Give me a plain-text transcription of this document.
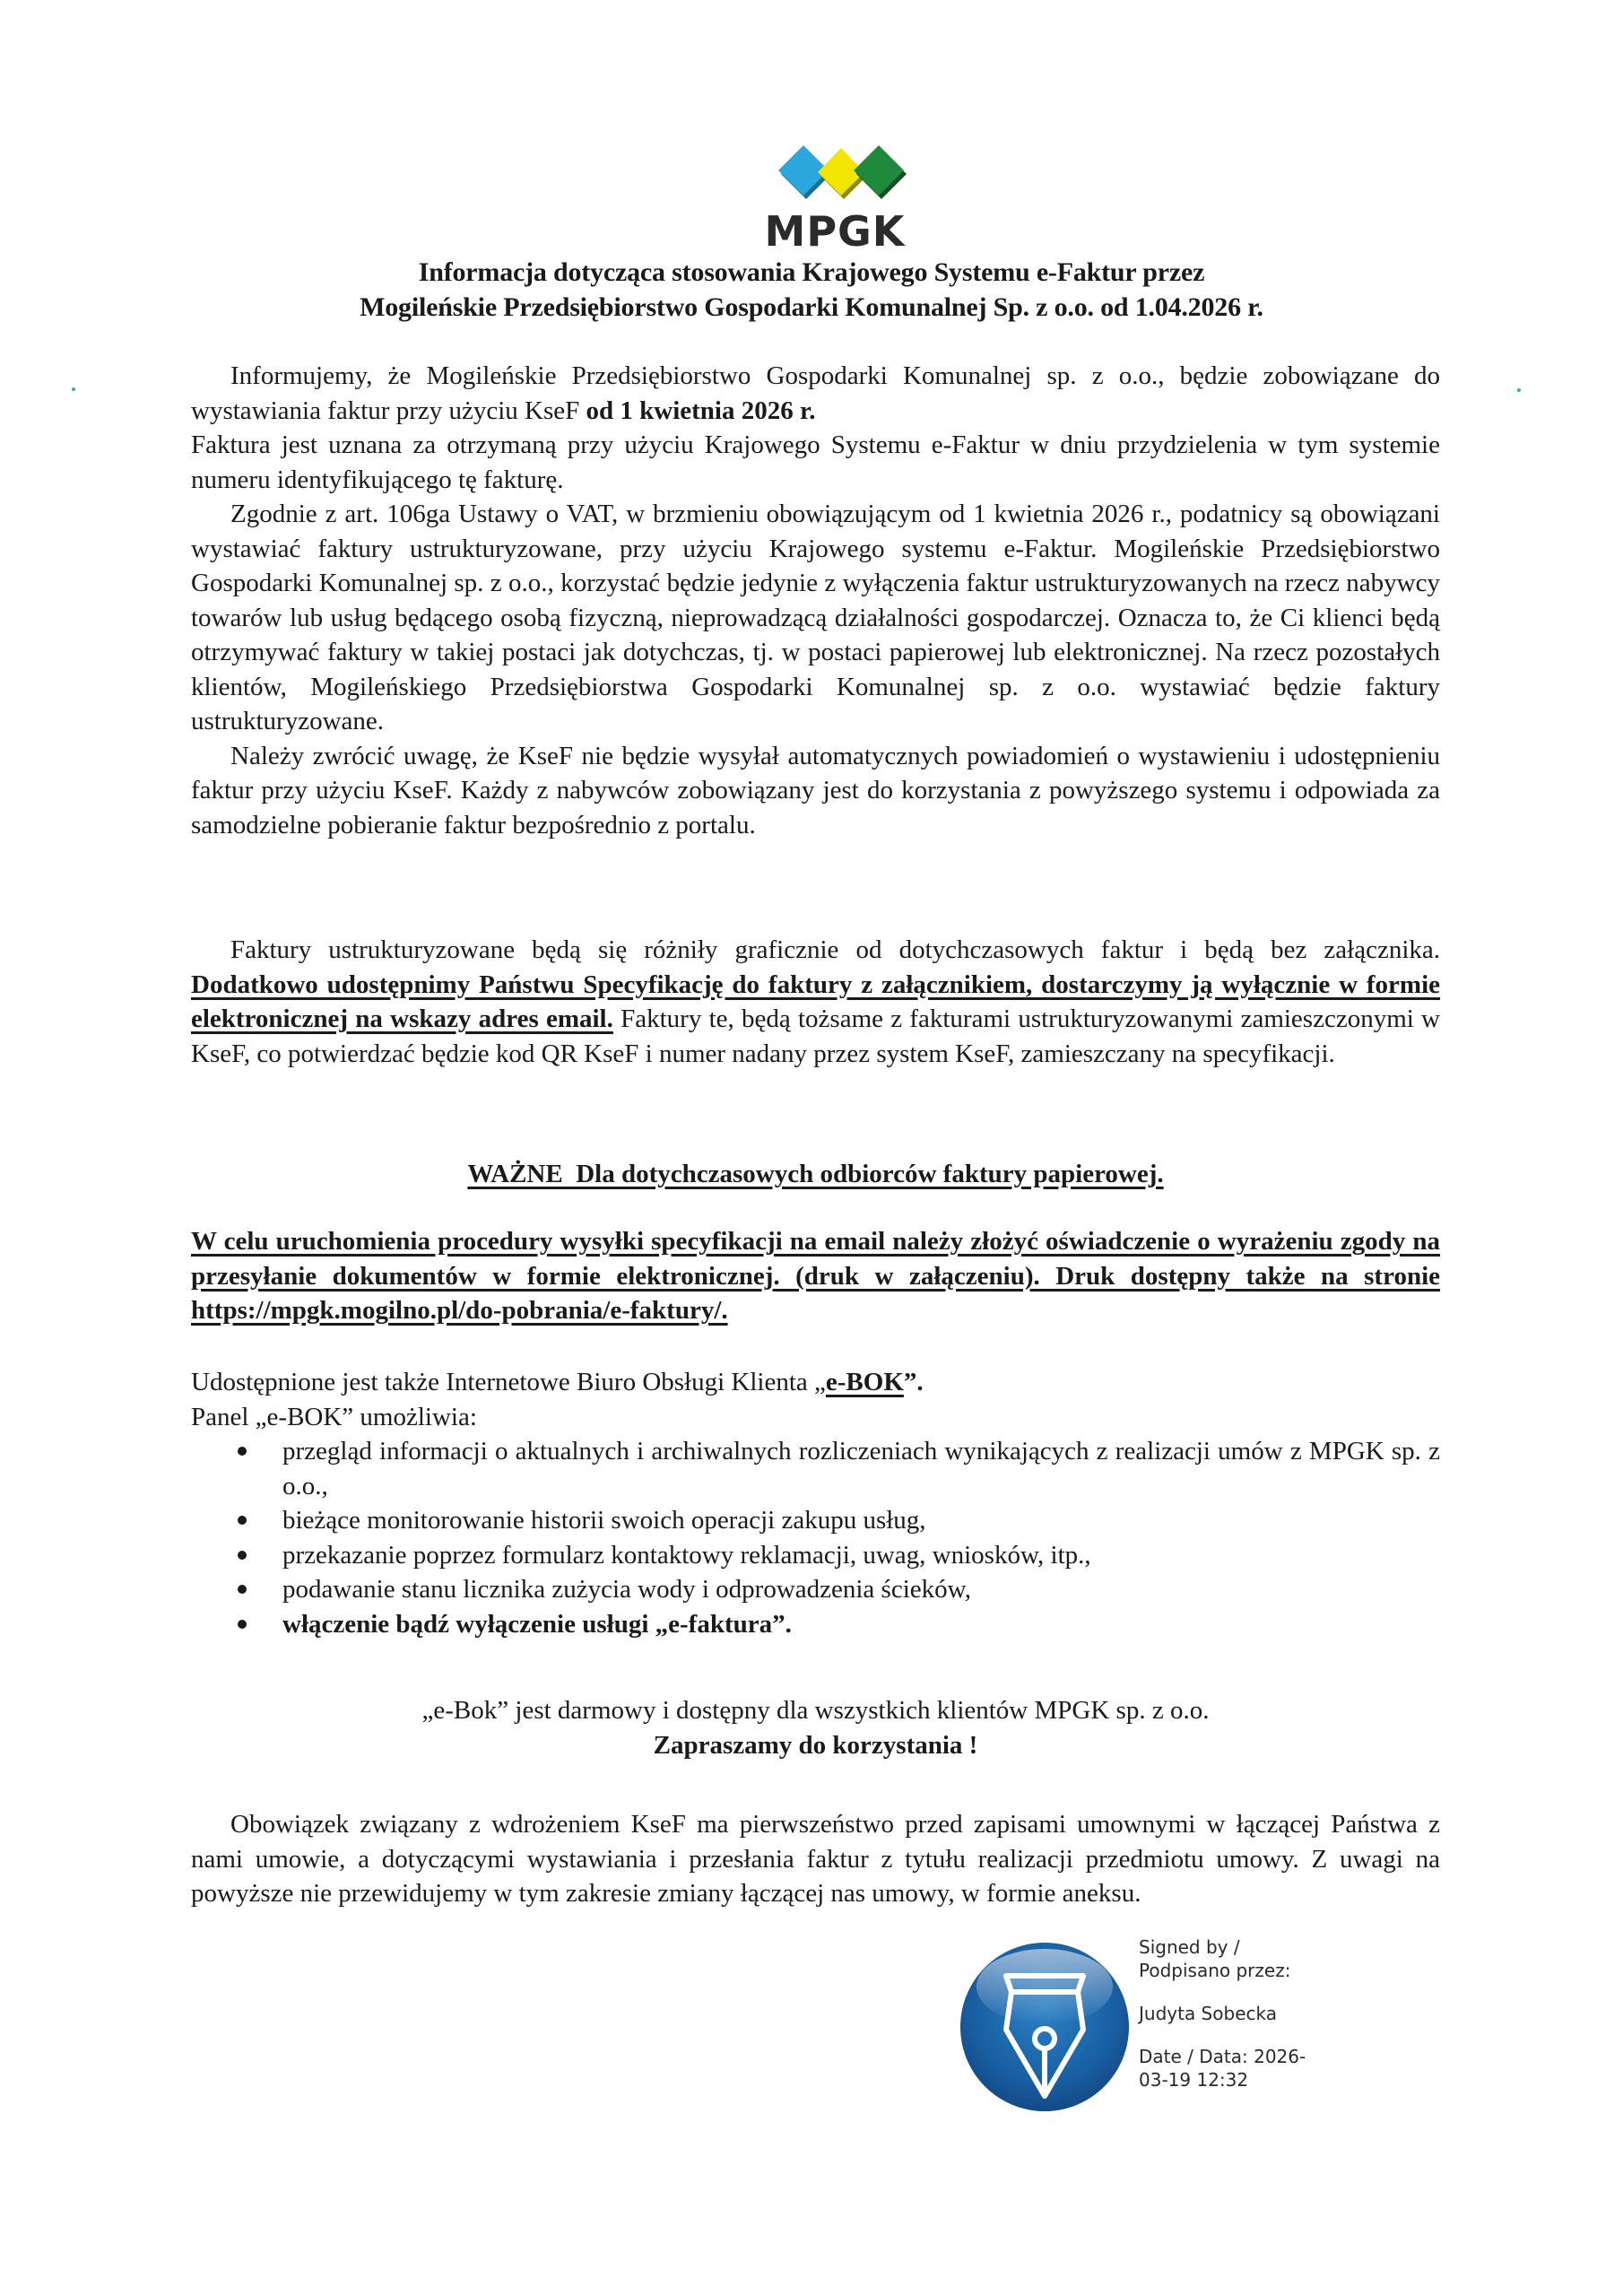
MPGK
Informacja dotycząca stosowania Krajowego Systemu e-Faktur przez
Mogileńskie Przedsiębiorstwo Gospodarki Komunalnej Sp. z o.o. od 1.04.2026 r.

Informujemy, że Mogileńskie Przedsiębiorstwo Gospodarki Komunalnej sp. z o.o., będzie zobowiązane do wystawiania faktur przy użyciu KseF od 1 kwietnia 2026 r.

Faktura jest uznana za otrzymaną przy użyciu Krajowego Systemu e-Faktur w dniu przydzielenia w tym systemie numeru identyfikującego tę fakturę.

Zgodnie z art. 106ga Ustawy o VAT, w brzmieniu obowiązującym od 1 kwietnia 2026 r., podatnicy są obowiązani wystawiać faktury ustrukturyzowane, przy użyciu Krajowego systemu e-Faktur. Mogileńskie Przedsiębiorstwo Gospodarki Komunalnej sp. z o.o., korzystać będzie jedynie z wyłączenia faktur ustrukturyzowanych na rzecz nabywcy towarów lub usług będącego osobą fizyczną, nieprowadzącą działalności gospodarczej. Oznacza to, że Ci klienci będą otrzymywać faktury w takiej postaci jak dotychczas, tj. w postaci papierowej lub elektronicznej. Na rzecz pozostałych klientów, Mogileńskiego Przedsiębiorstwa Gospodarki Komunalnej sp. z o.o. wystawiać będzie faktury ustrukturyzowane.

Należy zwrócić uwagę, że KseF nie będzie wysyłał automatycznych powiadomień o wystawieniu i udostępnieniu faktur przy użyciu KseF. Każdy z nabywców zobowiązany jest do korzystania z powyższego systemu i odpowiada za samodzielne pobieranie faktur bezpośrednio z portalu.

Faktury ustrukturyzowane będą się różniły graficznie od dotychczasowych faktur i będą bez załącznika. Dodatkowo udostępnimy Państwu Specyfikację do faktury z załącznikiem, dostarczymy ją wyłącznie w formie elektronicznej na wskazy adres email. Faktury te, będą tożsame z fakturami ustrukturyzowanymi zamieszczonymi w KseF, co potwierdzać będzie kod QR KseF i numer nadany przez system KseF, zamieszczany na specyfikacji.

WAŻNE  Dla dotychczasowych odbiorców faktury papierowej.

W celu uruchomienia procedury wysyłki specyfikacji na email należy złożyć oświadczenie o wyrażeniu zgody na przesyłanie dokumentów w formie elektronicznej. (druk w załączeniu). Druk dostępny także na stronie https://mpgk.mogilno.pl/do-pobrania/e-faktury/.

Udostępnione jest także Internetowe Biuro Obsługi Klienta „e-BOK”.

Panel „e-BOK” umożliwia:

przegląd informacji o aktualnych i archiwalnych rozliczeniach wynikających z realizacji umów z MPGK sp. z o.o.,
bieżące monitorowanie historii swoich operacji zakupu usług,
przekazanie poprzez formularz kontaktowy reklamacji, uwag, wniosków, itp.,
podawanie stanu licznika zużycia wody i odprowadzenia ścieków,
włączenie bądź wyłączenie usługi „e-faktura”.

„e-Bok” jest darmowy i dostępny dla wszystkich klientów MPGK sp. z o.o.

Zapraszamy do korzystania !

Obowiązek związany z wdrożeniem KseF ma pierwszeństwo przed zapisami umownymi w łączącej Państwa z nami umowie, a dotyczącymi wystawiania i przesłania faktur z tytułu realizacji przedmiotu umowy. Z uwagi na powyższe nie przewidujemy w tym zakresie zmiany łączącej nas umowy, w formie aneksu.

Signed by /
Podpisano przez:
Judyta Sobecka
Date / Data: 2026-
03-19 12:32
